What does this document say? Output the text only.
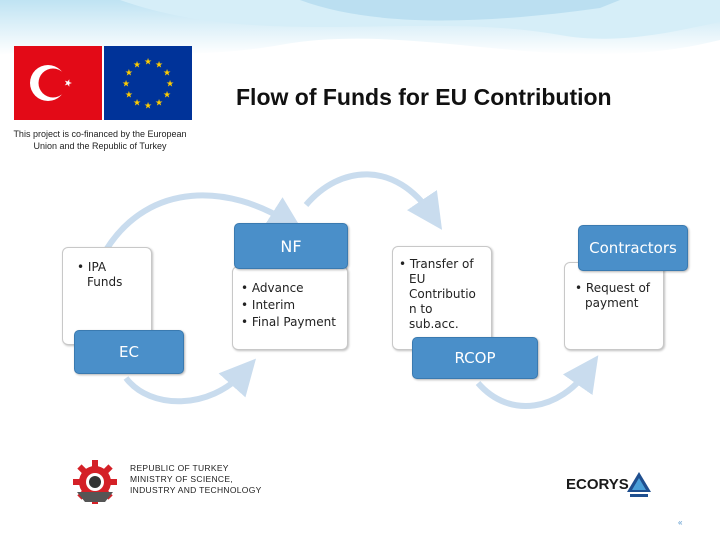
★ ★
★
★
★
★
★
★
★
★
★
★
Flow of Funds for EU Contribution
This project is co-financed by the European
Union and the Republic of Turkey
• IPA Funds
EC
• Advance
• Interim
• Final Payment
NF
• Transfer of EU Contributio n to sub.acc.
RCOP
• Request of payment
Contractors
REPUBLIC OF TURKEY
MINISTRY OF SCIENCE,
INDUSTRY AND TECHNOLOGY	ECORYS
«
